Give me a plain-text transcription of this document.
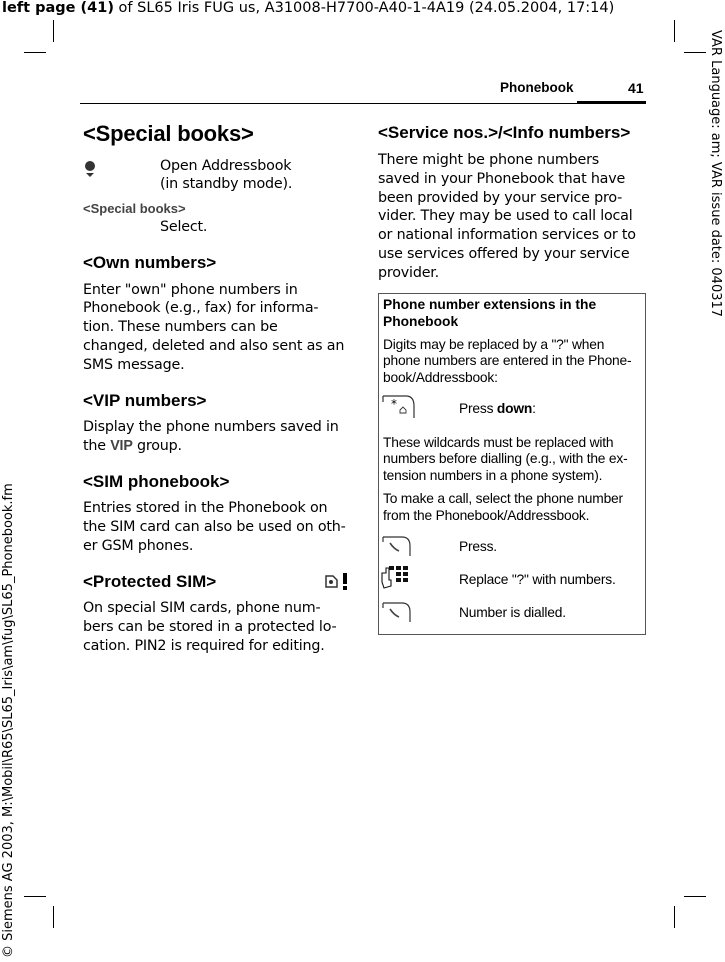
left page (41) of SL65 Iris FUG us, A31008-H7700-A40-1-4A19 (24.05.2004, 17:14)
VAR Language: am; VAR issue date: 040317
© Siemens AG 2003, M:\Mobil\R65\SL65_Iris\am\fug\SL65_Phonebook.fm
Phonebook	41
<Special books>
Open Addressbook
(in standby mode).
<Special books>
Select.
<Own numbers>
Enter "own" phone numbers in
Phonebook (e.g., fax) for informa-
tion. These numbers can be
changed, deleted and also sent as an
SMS message.
<VIP numbers>
Display the phone numbers saved in
the VIP group.
<SIM phonebook>
Entries stored in the Phonebook on
the SIM card can also be used on oth-
er GSM phones.
<Protected SIM>
On special SIM cards, phone num-
bers can be stored in a protected lo-
cation. PIN2 is required for editing.
<Service nos.>/<Info numbers>
There might be phone numbers
saved in your Phonebook that have
been provided by your service pro-
vider. They may be used to call local
or national information services or to
use services offered by your service
provider.
Phone number extensions in the
Phonebook
Digits may be replaced by a "?" when
phone numbers are entered in the Phone-
book/Addressbook:
*	Press down:
These wildcards must be replaced with
numbers before dialling (e.g., with the ex-
tension numbers in a phone system).
To make a call, select the phone number
from the Phonebook/Addressbook.
Press.
Replace "?" with numbers.
Number is dialled.
